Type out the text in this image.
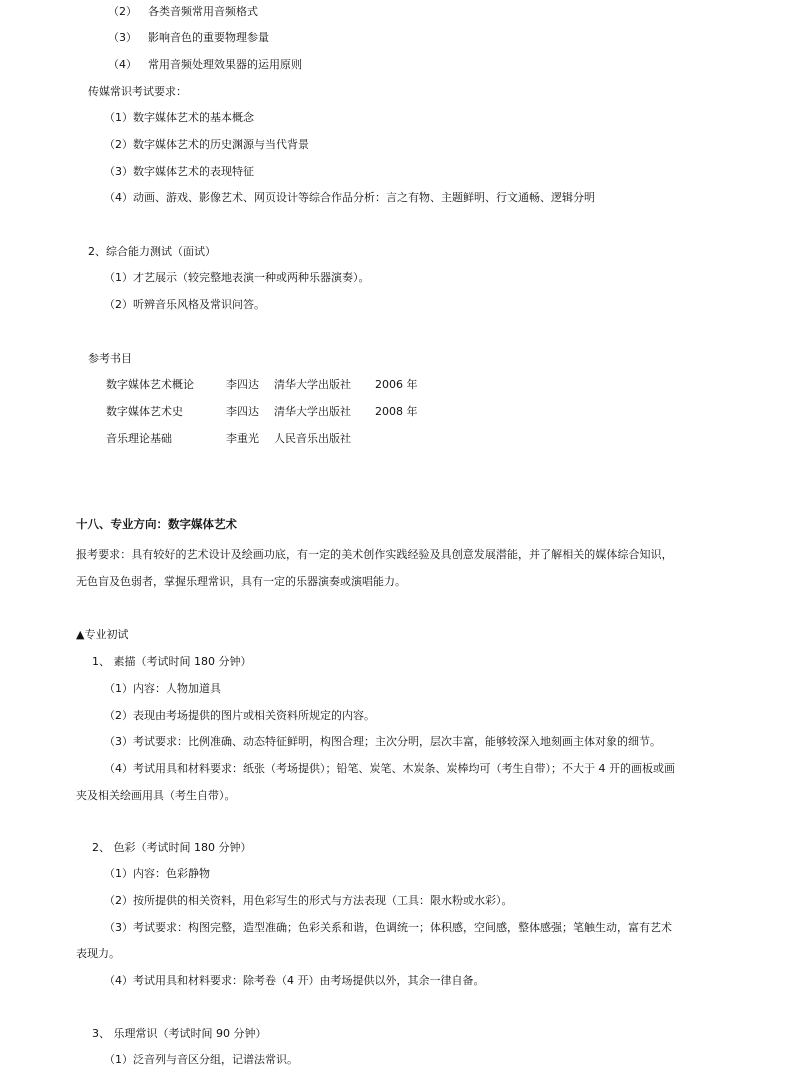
（2） 各类音频常用音频格式
（3） 影响音色的重要物理参量
（4） 常用音频处理效果器的运用原则
传媒常识考试要求：
（1）数字媒体艺术的基本概念
（2）数字媒体艺术的历史渊源与当代背景
（3）数字媒体艺术的表现特征
（4）动画、游戏、影像艺术、网页设计等综合作品分析：言之有物、主题鲜明、行文通畅、逻辑分明
2、综合能力测试（面试）
（1）才艺展示（较完整地表演一种或两种乐器演奏）。
（2）听辨音乐风格及常识问答。
参考书目
数字媒体艺术概论	李四达 清华大学出版社 2006 年
数字媒体艺术史	李四达 清华大学出版社 2008 年
音乐理论基础	李重光 人民音乐出版社
十八、专业方向：数字媒体艺术
报考要求：具有较好的艺术设计及绘画功底，有一定的美术创作实践经验及具创意发展潜能，并了解相关的媒体综合知识，
无色盲及色弱者，掌握乐理常识，具有一定的乐器演奏或演唱能力。
▲专业初试
1、 素描（考试时间 180 分钟）
（1）内容：人物加道具
（2）表现由考场提供的图片或相关资料所规定的内容。
（3）考试要求：比例准确、动态特征鲜明，构图合理；主次分明，层次丰富，能够较深入地刻画主体对象的细节。
（4）考试用具和材料要求：纸张（考场提供）；铅笔、炭笔、木炭条、炭棒均可（考生自带）；不大于 4 开的画板或画
夹及相关绘画用具（考生自带）。
2、 色彩（考试时间 180 分钟）
（1）内容：色彩静物
（2）按所提供的相关资料，用色彩写生的形式与方法表现（工具：限水粉或水彩）。
（3）考试要求：构图完整，造型准确；色彩关系和谐，色调统一；体积感，空间感，整体感强；笔触生动，富有艺术
表现力。
（4）考试用具和材料要求：除考卷（4 开）由考场提供以外，其余一律自备。
3、 乐理常识（考试时间 90 分钟）
（1）泛音列与音区分组，记谱法常识。
